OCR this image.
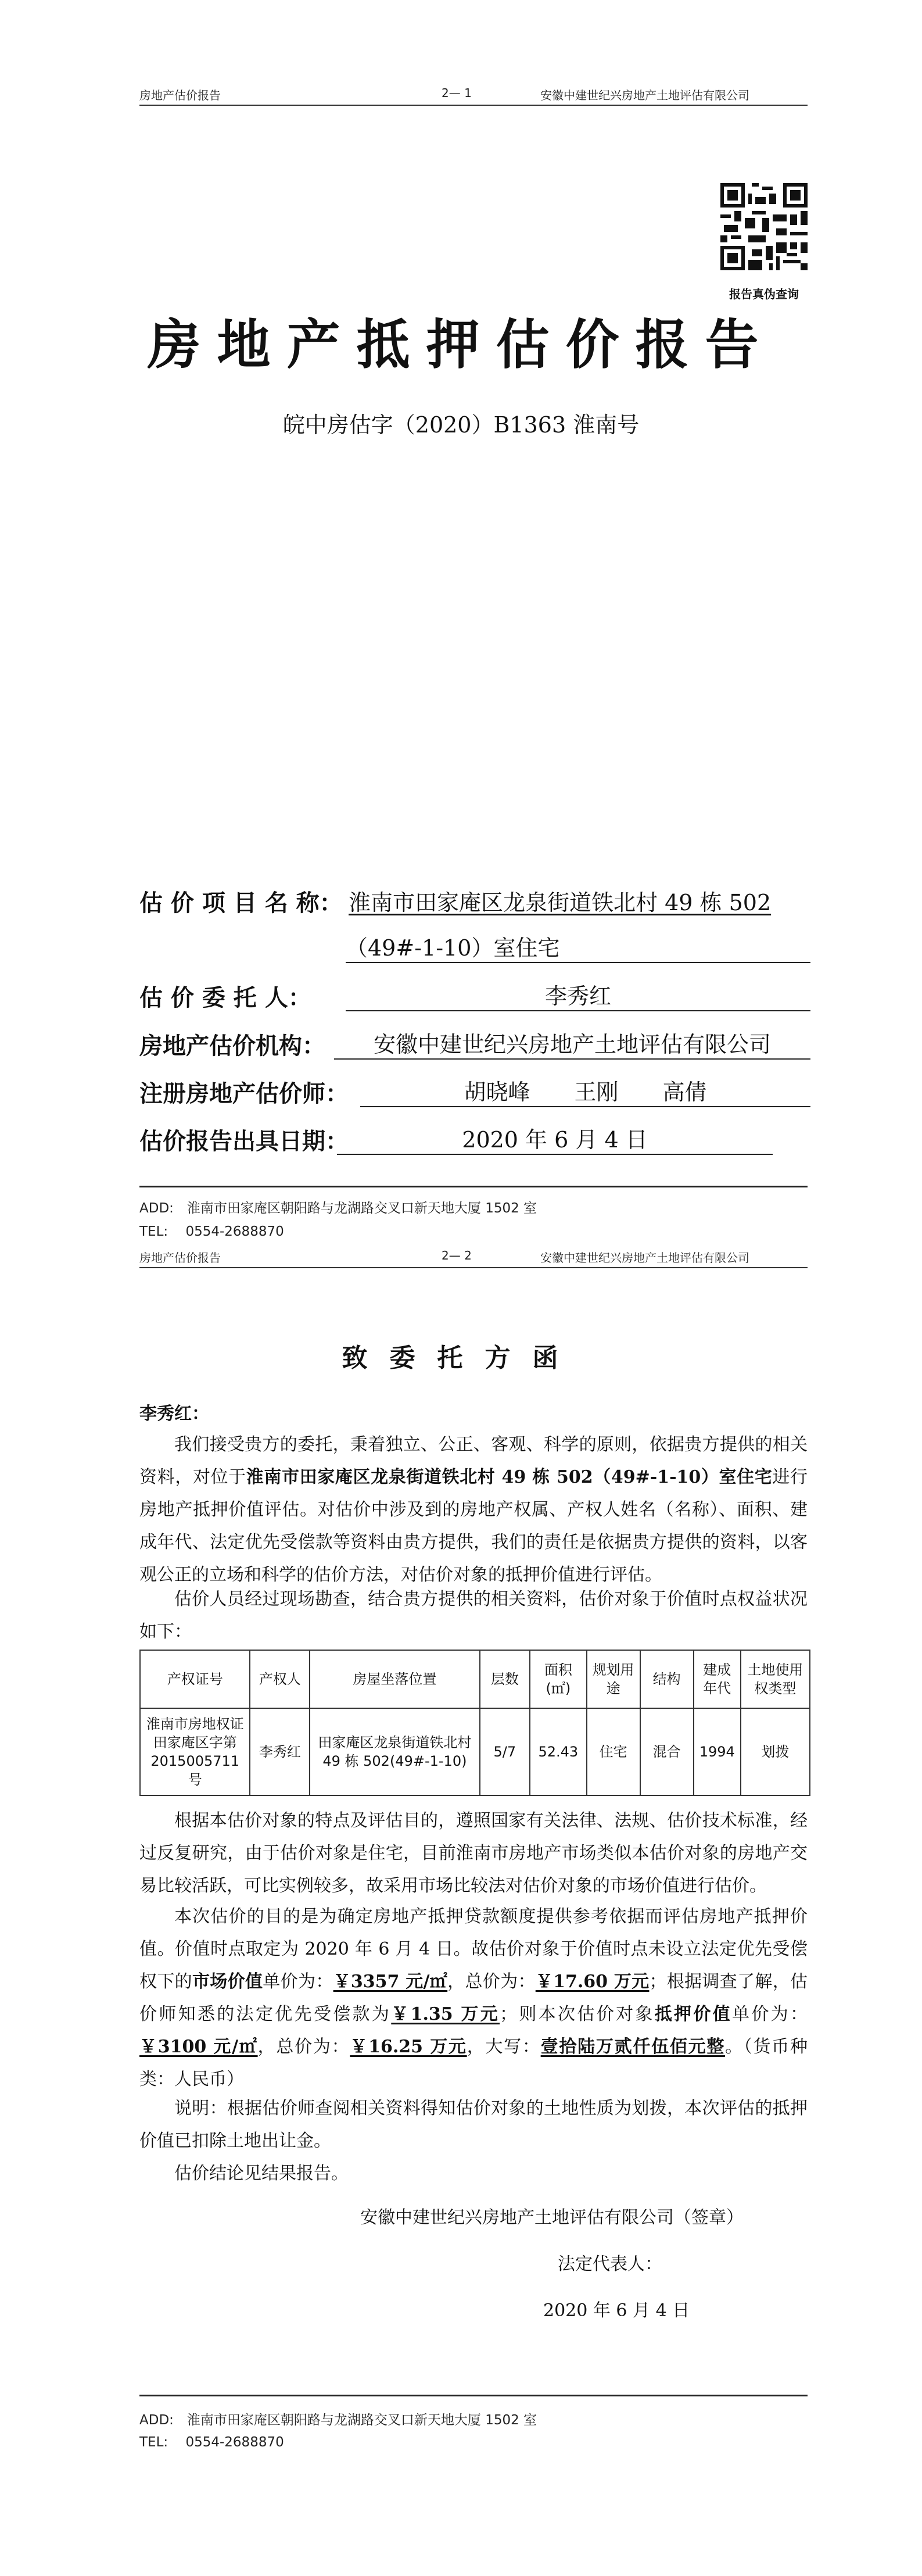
房地产估价报告	2— 1	安徽中建世纪兴房地产土地评估有限公司
报告真伪查询
房地产抵押估价报告
皖中房估字（2020）B1363 淮南号
估 价 项 目 名 称： 淮南市田家庵区龙泉街道铁北村 49 栋 502
（49#-1-10）室住宅
估 价 委 托 人：	李秀红
房地产估价机构：	安徽中建世纪兴房地产土地评估有限公司
注册房地产估价师：	胡晓峰　　王刚　　高倩
估价报告出具日期：	2020 年 6 月 4 日
ADD:　淮南市田家庵区朝阳路与龙湖路交叉口新天地大厦 1502 室
TEL:　 0554-2688870
房地产估价报告	2— 2	安徽中建世纪兴房地产土地评估有限公司
致委托方函
李秀红：
我们接受贵方的委托，秉着独立、公正、客观、科学的原则，依据贵方提供的相关资料，对位于淮南市田家庵区龙泉街道铁北村 49 栋 502（49#-1-10）室住宅进行房地产抵押价值评估。对估价中涉及到的房地产权属、产权人姓名（名称）、面积、建成年代、法定优先受偿款等资料由贵方提供，我们的责任是依据贵方提供的资料，以客观公正的立场和科学的估价方法，对估价对象的抵押价值进行评估。
估价人员经过现场勘查，结合贵方提供的相关资料，估价对象于价值时点权益状况如下：
产权证号	产权人	房屋坐落位置	层数	面积(㎡)	规划用途	结构	建成年代	土地使用权类型
淮南市房地权证田家庵区字第2015005711 号	李秀红	田家庵区龙泉街道铁北村 49 栋 502(49#-1-10)	5/7	52.43	住宅	混合	1994	划拨
根据本估价对象的特点及评估目的，遵照国家有关法律、法规、估价技术标准，经过反复研究，由于估价对象是住宅，目前淮南市房地产市场类似本估价对象的房地产交易比较活跃，可比实例较多，故采用市场比较法对估价对象的市场价值进行估价。
本次估价的目的是为确定房地产抵押贷款额度提供参考依据而评估房地产抵押价值。价值时点取定为 2020 年 6 月 4 日。故估价对象于价值时点未设立法定优先受偿权下的市场价值单价为：￥3357 元/㎡，总价为：￥17.60 万元；根据调查了解，估价师知悉的法定优先受偿款为￥1.35 万元；则本次估价对象抵押价值单价为：￥3100 元/㎡，总价为：￥16.25 万元，大写：壹拾陆万贰仟伍佰元整。（货币种类：人民币）
说明：根据估价师查阅相关资料得知估价对象的土地性质为划拨，本次评估的抵押价值已扣除土地出让金。
估价结论见结果报告。
安徽中建世纪兴房地产土地评估有限公司（签章）
法定代表人：
2020 年 6 月 4 日
ADD:　淮南市田家庵区朝阳路与龙湖路交叉口新天地大厦 1502 室
TEL:　 0554-2688870
